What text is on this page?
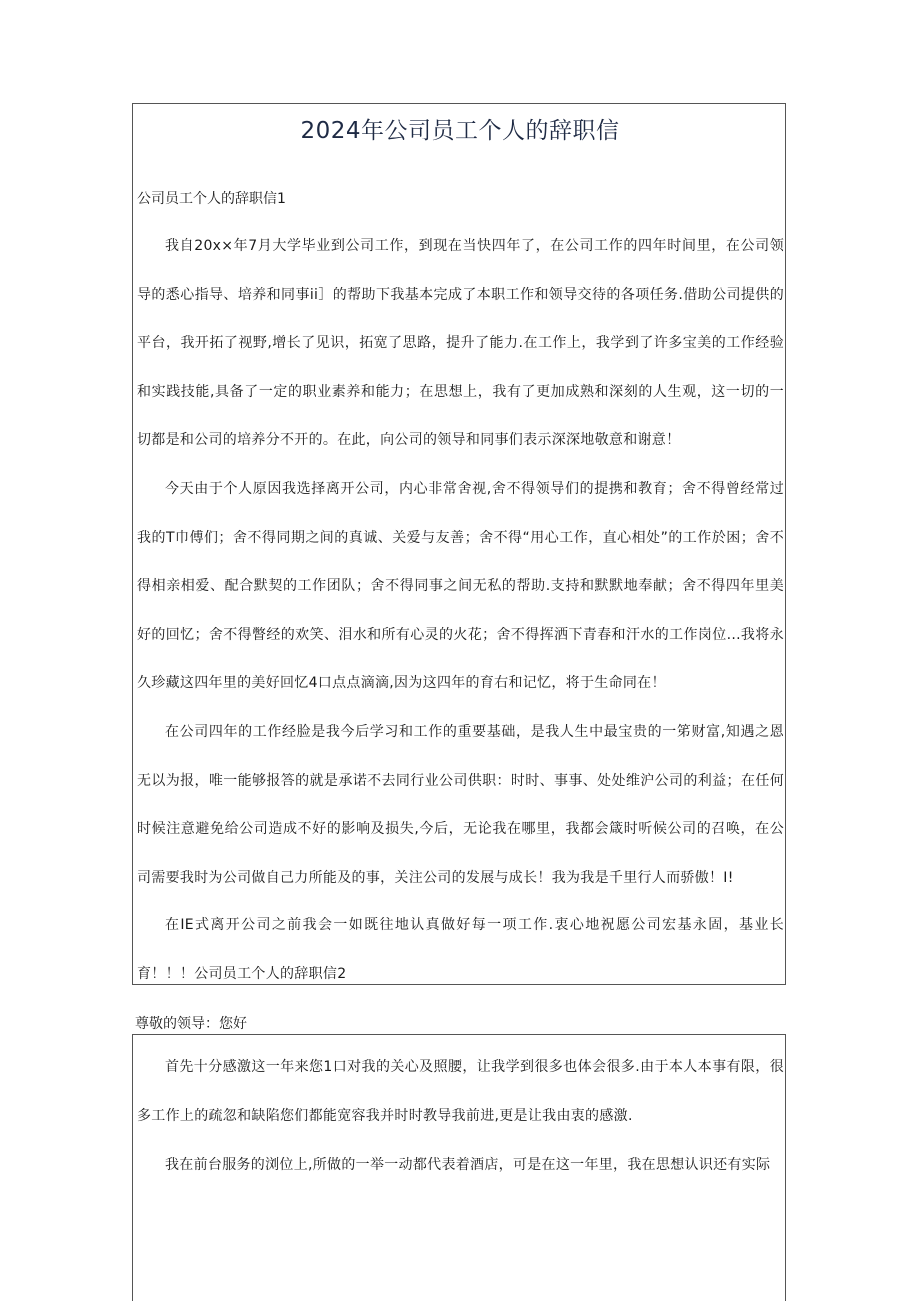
2024年公司员工个人的辞职信

公司员工个人的辞职信1

我自20x×年7月大学毕业到公司工作，到现在当快四年了，在公司工作的四年时间里，在公司领导的悉心指导、培养和同事ii］的帮助下我基本完成了本职工作和领导交待的各项任务.借助公司提供的平台，我开拓了视野,增长了见识，拓宽了思路，提升了能力.在工作上，我学到了许多宝美的工作经验和实践技能,具备了一定的职业素养和能力；在思想上，我有了更加成熟和深刻的人生观，这一切的一切都是和公司的培养分不开的。在此，向公司的领导和同事们表示深深地敬意和谢意！

今天由于个人原因我选择离开公司，内心非常舍视,舍不得领导们的提携和教育；舍不得曾经常过我的T巾傅们；舍不得同期之间的真诚、关爱与友善；舍不得“用心工作，直心相处”的工作於困；舍不得相亲相爱、配合默契的工作团队；舍不得同事之间无私的帮助.支持和默默地奉献；舍不得四年里美好的回忆；舍不得瞥经的欢笑、泪水和所有心灵的火花；舍不得挥洒下青春和汗水的工作岗位...我将永久珍藏这四年里的美好回忆4口点点滴滴,因为这四年的育右和记忆，将于生命同在！

在公司四年的工作经脸是我今后学习和工作的重要基础，是我人生中最宝贵的一笫财富,知遇之恩无以为报，唯一能够报答的就是承诺不去同行业公司供职：时时、事事、处处维沪公司的利益；在任何时候注意避免给公司造成不好的影响及损失,今后，无论我在哪里，我都会箴时听候公司的召唤，在公司需要我时为公司做自己力所能及的事，关注公司的发展与成长！我为我是千里行人而骄傲！I!

在IE式离开公司之前我会一如既往地认真做好每一项工作.衷心地祝愿公司宏基永固，基业长育！！！公司员工个人的辞职信2

尊敬的领导：您好

首先十分感激这一年来您1口对我的关心及照腰，让我学到很多也体会很多.由于本人本事有限，很多工作上的疏忽和缺陷您们都能宽容我并时时教导我前进,更是让我由衷的感激.

我在前台服务的浏位上,所做的一举一动都代表着酒店，可是在这一年里，我在思想认识还有实际
